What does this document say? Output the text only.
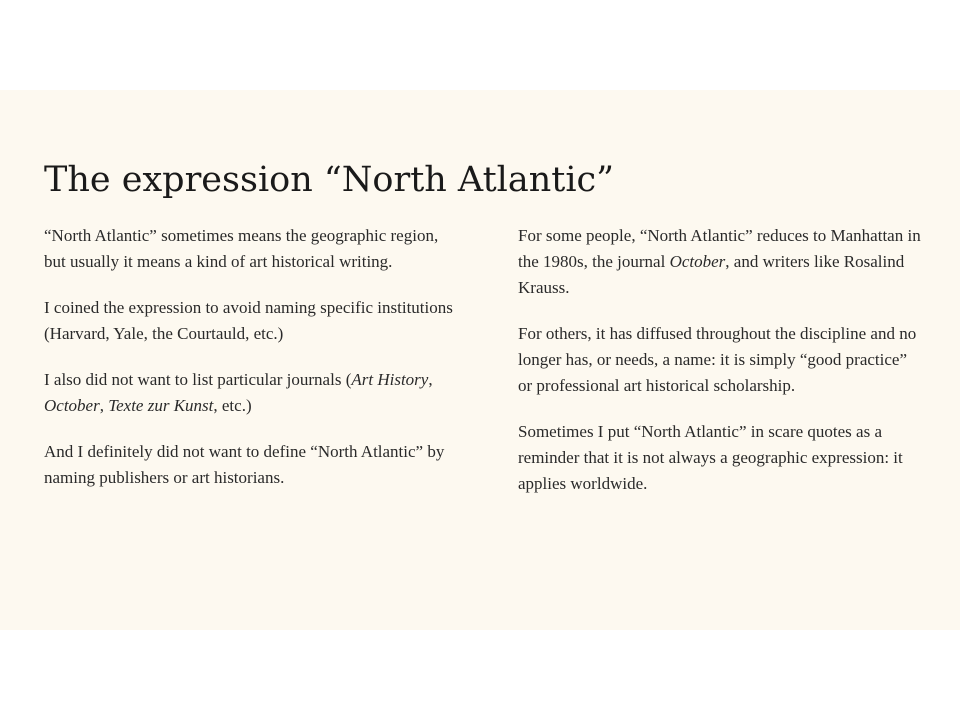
The expression “North Atlantic”

“North Atlantic” sometimes means the geographic region, but usually it means a kind of art historical writing.

I coined the expression to avoid naming specific institutions (Harvard, Yale, the Courtauld, etc.)

I also did not want to list particular journals (Art History, October, Texte zur Kunst, etc.)

And I definitely did not want to define “North Atlantic” by naming publishers or art historians.

For some people, “North Atlantic” reduces to Manhattan in the 1980s, the journal October, and writers like Rosalind Krauss.

For others, it has diffused throughout the discipline and no longer has, or needs, a name: it is simply “good practice” or professional art historical scholarship.

Sometimes I put “North Atlantic” in scare quotes as a reminder that it is not always a geographic expression: it applies worldwide.
